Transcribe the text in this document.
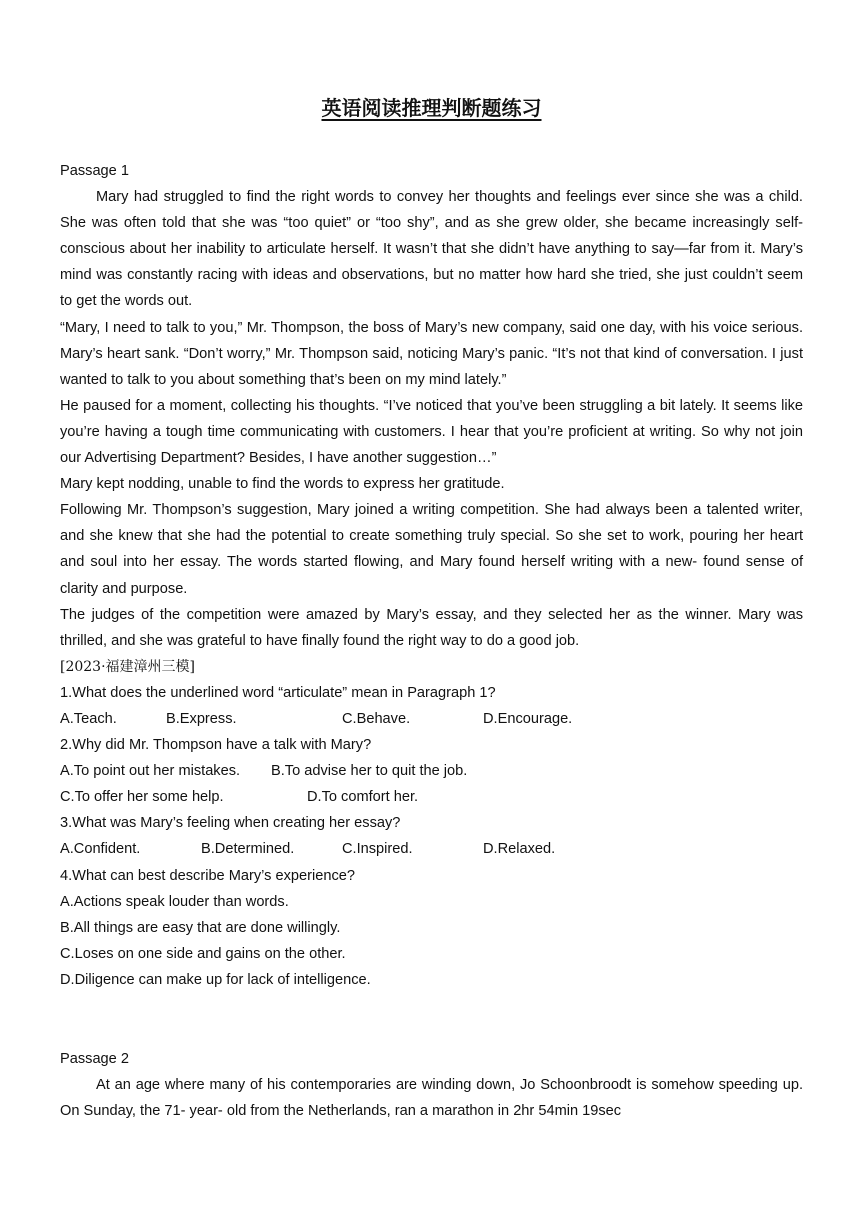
英语阅读推理判断题练习
Passage 1

Mary had struggled to find the right words to convey her thoughts and feelings ever since she was a child. She was often told that she was “too quiet” or “too shy”, and as she grew older, she became increasingly self‑ conscious about her inability to articulate herself. It wasn’t that she didn’t have anything to say—far from it. Mary’s mind was constantly racing with ideas and observations, but no matter how hard she tried, she just couldn’t seem to get the words out.

“Mary, I need to talk to you,” Mr. Thompson, the boss of Mary’s new company, said one day, with his voice serious. Mary’s heart sank. “Don’t worry,” Mr. Thompson said, noticing Mary’s panic. “It’s not that kind of conversation. I just wanted to talk to you about something that’s been on my mind lately.”

He paused for a moment, collecting his thoughts. “I’ve noticed that you’ve been struggling a bit lately. It seems like you’re having a tough time communicating with customers. I hear that you’re proficient at writing. So why not join our Advertising Department? Besides, I have another suggestion…”

Mary kept nodding, unable to find the words to express her gratitude.

Following Mr. Thompson’s suggestion, Mary joined a writing competition. She had always been a talented writer, and she knew that she had the potential to create something truly special. So she set to work, pouring her heart and soul into her essay. The words started flowing, and Mary found herself writing with a new‑ found sense of clarity and purpose.

The judges of the competition were amazed by Mary’s essay, and they selected her as the winner. Mary was thrilled, and she was grateful to have finally found the right way to do a good job.

[2023·福建漳州三模]
1.What does the underlined word “articulate” mean in Paragraph 1?
A.Teach.	B.Express.	C.Behave.	D.Encourage.
2.Why did Mr. Thompson have a talk with Mary?
A.To point out her mistakes. B.To advise her to quit the job.
C.To offer her some help.	D.To comfort her.
3.What was Mary’s feeling when creating her essay?
A.Confident.	B.Determined.	C.Inspired.	D.Relaxed.
4.What can best describe Mary’s experience?
A.Actions speak louder than words.
B.All things are easy that are done willingly.
C.Loses on one side and gains on the other.
D.Diligence can make up for lack of intelligence.
Passage 2

At an age where many of his contemporaries are winding down, Jo Schoonbroodt is somehow speeding up. On Sunday, the 71‑ year‑ old from the Netherlands, ran a marathon in 2hr 54min 19sec
